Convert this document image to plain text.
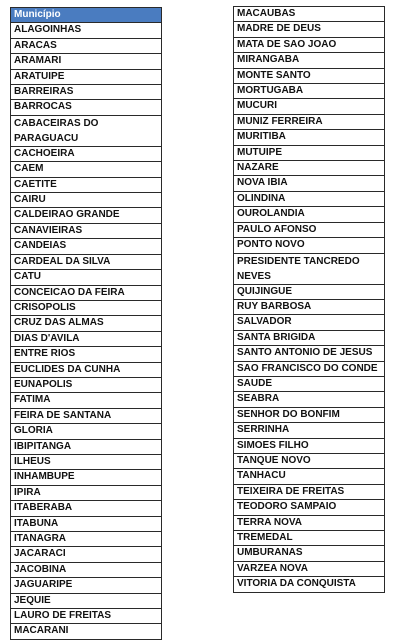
Município
ALAGOINHAS
ARACAS
ARAMARI
ARATUIPE
BARREIRAS
BARROCAS
CABACEIRAS DO PARAGUACU
CACHOEIRA
CAEM
CAETITE
CAIRU
CALDEIRAO GRANDE
CANAVIEIRAS
CANDEIAS
CARDEAL DA SILVA
CATU
CONCEICAO DA FEIRA
CRISOPOLIS
CRUZ DAS ALMAS
DIAS D'AVILA
ENTRE RIOS
EUCLIDES DA CUNHA
EUNAPOLIS
FATIMA
FEIRA DE SANTANA
GLORIA
IBIPITANGA
ILHEUS
INHAMBUPE
IPIRA
ITABERABA
ITABUNA
ITANAGRA
JACARACI
JACOBINA
JAGUARIPE
JEQUIE
LAURO DE FREITAS
MACARANI
MACAUBAS
MADRE DE DEUS
MATA DE SAO JOAO
MIRANGABA
MONTE SANTO
MORTUGABA
MUCURI
MUNIZ FERREIRA
MURITIBA
MUTUIPE
NAZARE
NOVA IBIA
OLINDINA
OUROLANDIA
PAULO AFONSO
PONTO NOVO
PRESIDENTE TANCREDO NEVES
QUIJINGUE
RUY BARBOSA
SALVADOR
SANTA BRIGIDA
SANTO ANTONIO DE JESUS
SAO FRANCISCO DO CONDE
SAUDE
SEABRA
SENHOR DO BONFIM
SERRINHA
SIMOES FILHO
TANQUE NOVO
TANHACU
TEIXEIRA DE FREITAS
TEODORO SAMPAIO
TERRA NOVA
TREMEDAL
UMBURANAS
VARZEA NOVA
VITORIA DA CONQUISTA
